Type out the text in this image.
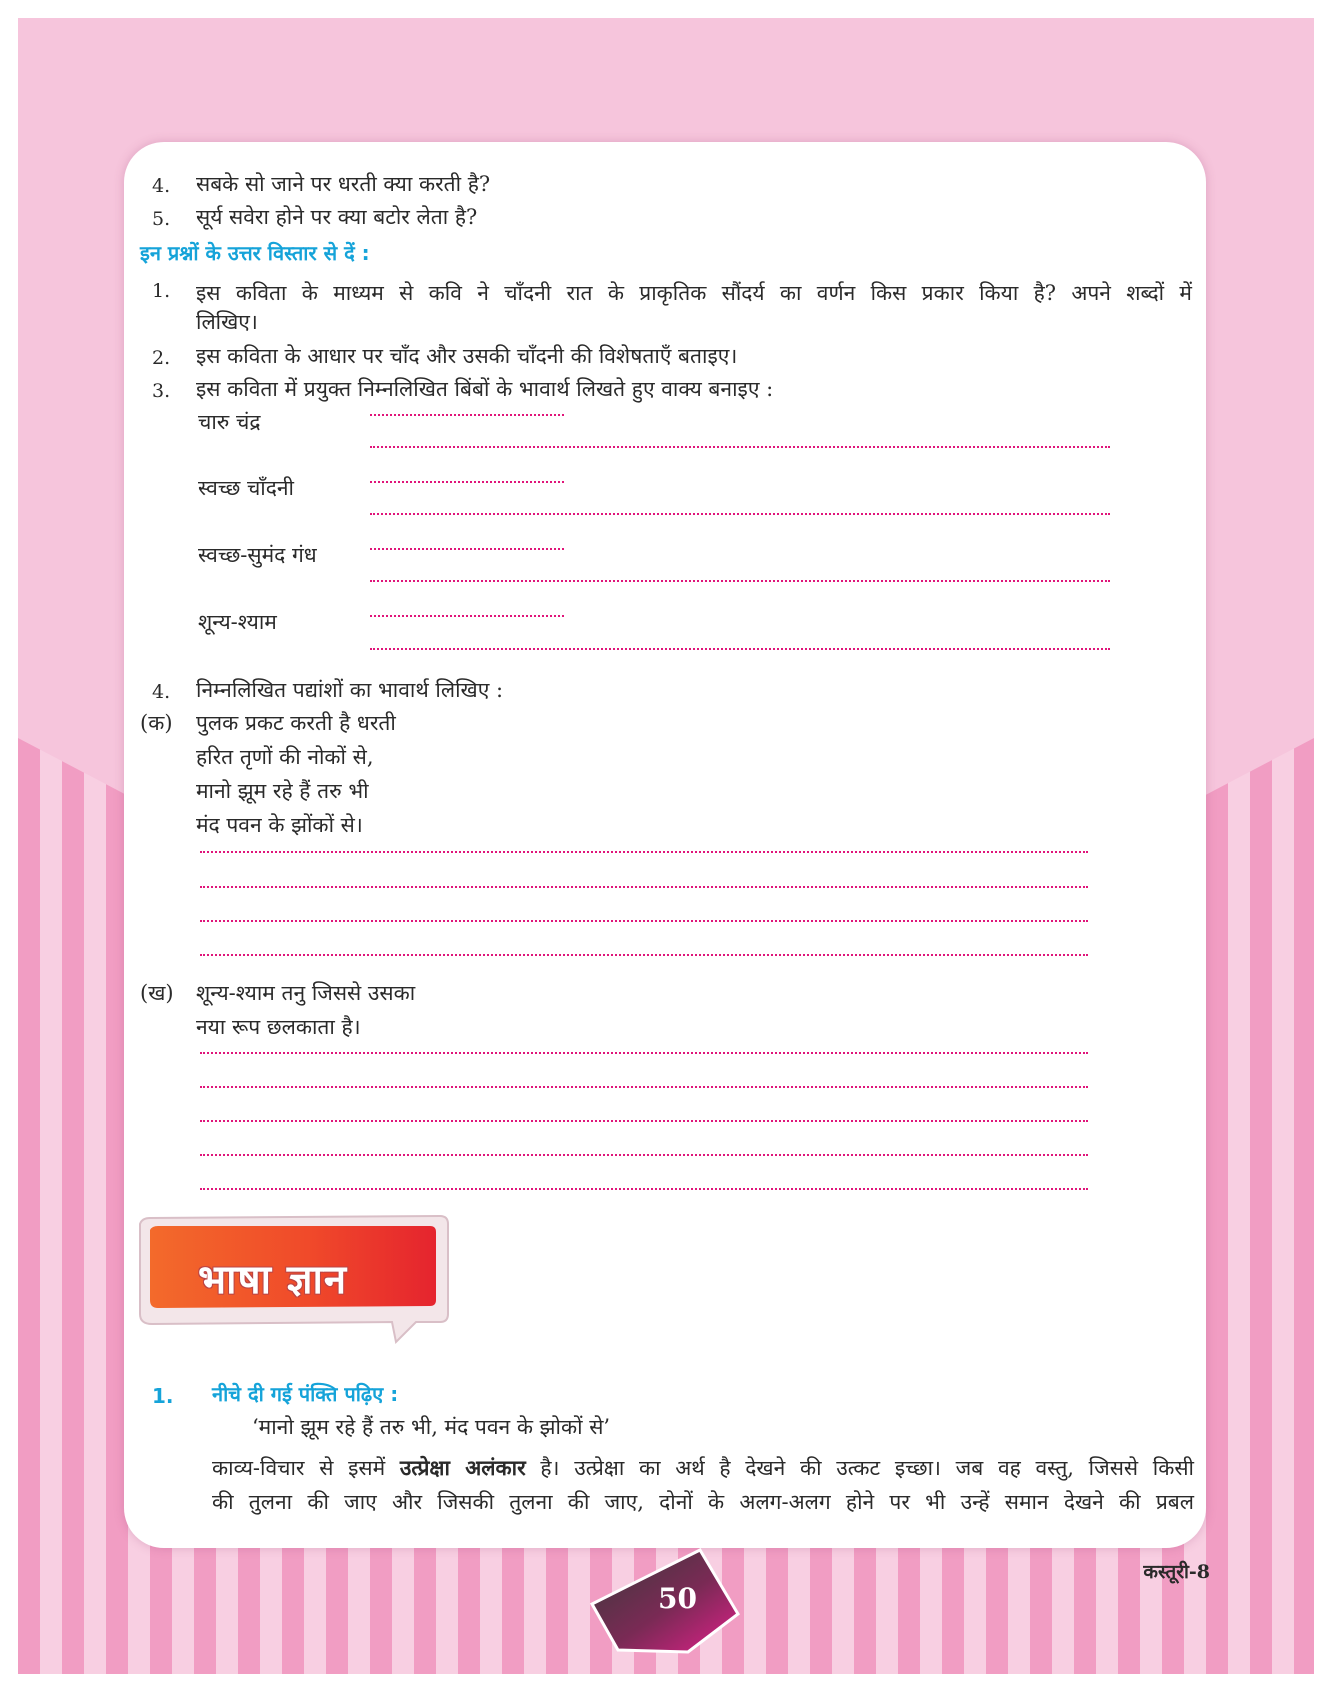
4. सबके सो जाने पर धरती क्या करती है?
5. सूर्य सवेरा होने पर क्या बटोर लेता है?
इन प्रश्नों के उत्तर विस्तार से दें :
1. इस कविता के माध्यम से कवि ने चाँदनी रात के प्राकृतिक सौंदर्य का वर्णन किस प्रकार किया है? अपने शब्दों में
लिखिए।
2. इस कविता के आधार पर चाँद और उसकी चाँदनी की विशेषताएँ बताइए।
3. इस कविता में प्रयुक्त निम्नलिखित बिंबों के भावार्थ लिखते हुए वाक्य बनाइए :
चारु चंद्र
स्वच्छ चाँदनी
स्वच्छ-सुमंद गंध
शून्य-श्याम
4. निम्नलिखित पद्यांशों का भावार्थ लिखिए :
(क) पुलक प्रकट करती है धरती
हरित तृणों की नोकों से,
मानो झूम रहे हैं तरु भी
मंद पवन के झोंकों से।
(ख) शून्य-श्याम तनु जिससे उसका
नया रूप छलकाता है।
भाषा ज्ञान
1. नीचे दी गई पंक्ति पढ़िए :
‘मानो झूम रहे हैं तरु भी, मंद पवन के झोकों से’
काव्य-विचार से इसमें उत्प्रेक्षा अलंकार है। उत्प्रेक्षा का अर्थ है देखने की उत्कट इच्छा। जब वह वस्तु, जिससे किसी
की तुलना की जाए और जिसकी तुलना की जाए, दोनों के अलग-अलग होने पर भी उन्हें समान देखने की प्रबल
50
कस्तूरी-8
